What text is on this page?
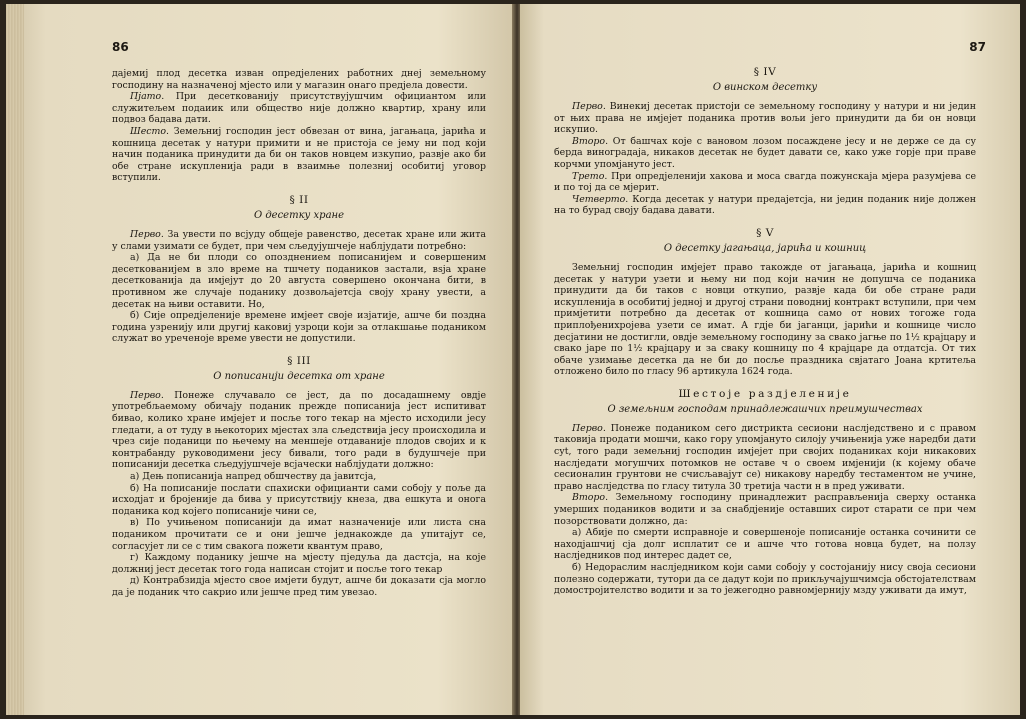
86

дајемиј плод десетка изван опредјелених работних днеј земељному господину на назначеној мјесто или у магазин онаго предјела довести.

Пјато. При десеткованију присутствујушчим официантом или служитељем подаиик или общество није должно квартир, храну или подвоз бадава дати.

Шесто. Земељниј господин јест обвезан от вина, јагањаца, јарића и кошница десетак у натури примити и не пристоја се јему ни под који начин поданика принудити да би он таков новцем изкупио, развје ако би обе стране искупленија ради в взаимње полезниј особитиј уговор вступили.

§ II
О десетку хране

Перво. За увести по всјуду общеје равенство, десетак хране или жита у слами узимати се будет, при чем сљедујушчеје наблјудати потребно:

а) Да не би плоди со опозднением пописанијем и совершеним десеткованијем в зло време на тшчету подаников застали, вsја хране десеткованија да имјејут до 20 августа совершено окончана бити, в противном же случаје поданику дозвољајетсја своју храну увести, а десетак на њиви оставити. Но,

б) Сије опредјеленије времене имјеет своје изјатије, ашче би поздна година узренију или другиј каковиј узроци који за отлакшање подаником служат во уреченоје време увести не допустили.

§ III
О пописанији десетка от хране

Перво. Понеже случавало се јест, да по досадашнему овдје употребљаемому обичају поданик прежде пописанија јест испитиват бивао, колико хране имјејет и посље того текар на мјесто исходили јесу гледати, а от туду в њекоторих мјестах зла сљедствија јесу происходила и чрез сије поданици по њечему на меншеје отдаваније плодов својих и к контрабанду руководимени јесу бивали, того ради в будушчеје при пописанији десетка сљедујушчеје всјачески наблјудати должно:

а) Дењ пописанија напред обшчеству да јавитсја,

б) На пописаније послати спахиски официанти сами собоју у поље да исходјат и бројеније да бива у присутствију кнеза, два ешкута и онога поданика код којего пописаније чини се,

в) По учињеном пописанији да имат назначеније или листа сна подаником прочитати се и они јешче једнакожде да упитајут се, согласујет ли се с тим свакога пожети квантум право,

г) Каждому поданику јешче на мјесту пједуља да дастсја, на које должниј јест десетак того года написан стојит и посље того текар

д) Контрабзидја мјесто свое имјети будут, ашче би доказати сја могло да је поданик что сакрио или јешче пред тим увезао.

87
§ IV
О винском десетку

Перво. Винекиј десетак пристоји се земељному господину у натури и ни једин от њих права не имјејет поданика против вољи јего принудити да би он новци искупио.

Второ. От башчах које с вановом лозом посажденe јесу и не держе се да су берда виноградаја, никаков десетак не будет давати се, како уже горје при праве корчми упомјануто јест.

Трето. При опредјеленији хакова и моса свагда пожунскаја мјера разумјева се и по тој да се мјерит.

Четверто. Когда десетак у натури предајетсја, ни једин поданик није должен на то бурад своју бадава давати.

§ V
О десетку јагањаца, јарића и кошниц

Земељниј господин имјејет право такожде от јагањаца, јарића и кошниц десетак у натури узети и њему ни под који начин не допушча се поданика принудити да би таков с новци откупио, развје када би обе стране ради искупленија в особитиј једној и другој страни поводниј контракт вступили, при чем примјетити потребно да десетак от кошница само от нових тогоже года приплођенихројева узети се имат. А гдје би јаганци, јарићи и кошнице число десјатини не достигли, овдје земељному господину за свако јагње по 1½ крајцару и свако јаре по 1½ крајцару и за сваку кошницу по 4 крајцаре да отдатсја. От тих обаче узимање десетка да не би до посље праздника свјатаго Јоана кртитеља отложено било по гласу 96 артикула 1624 года.

Шестоје раздјеленије
О земељним господам принадлежашчих преимушчествах

Перво. Понеже подаником сего дистриктa сесиони наслједствено и с правом таковија продати мошчи, како гору упомјанутo силоју учињенија уже наредби дати суt, того ради земељниј господин имјејет при својих поданиках који никаковиx наслједати могушчих потомков не оставе ч о своем имјенији (к којему обаче сесионалин грунтови не счисљавајут се) никакову наредбу тестаментом не учине, право наслједства по гласу титула 30 третија части н в пред уживати.

Второ. Земељному господину принадлежит расправљенија сверху останка умерших подаников водити и за снабдјеније оставших сирот старати се при чем позорствовати должно, да:

а) Абије по смерти исправноје и совершеноје пописаније останка сочинити се находјашчиj сја долг исплатит се и ашче что готова новца будет, на ползу наслједников под интерес дадет се,

б) Недораслим наслједником који сами собоју у состојанију нису своја сесиони полезно содержати, тутори да се дадут који по прикључајушчимсја обстојателствам домостројителство водити и за то јежегодно равномјерниjу мзду уживати да имут,
